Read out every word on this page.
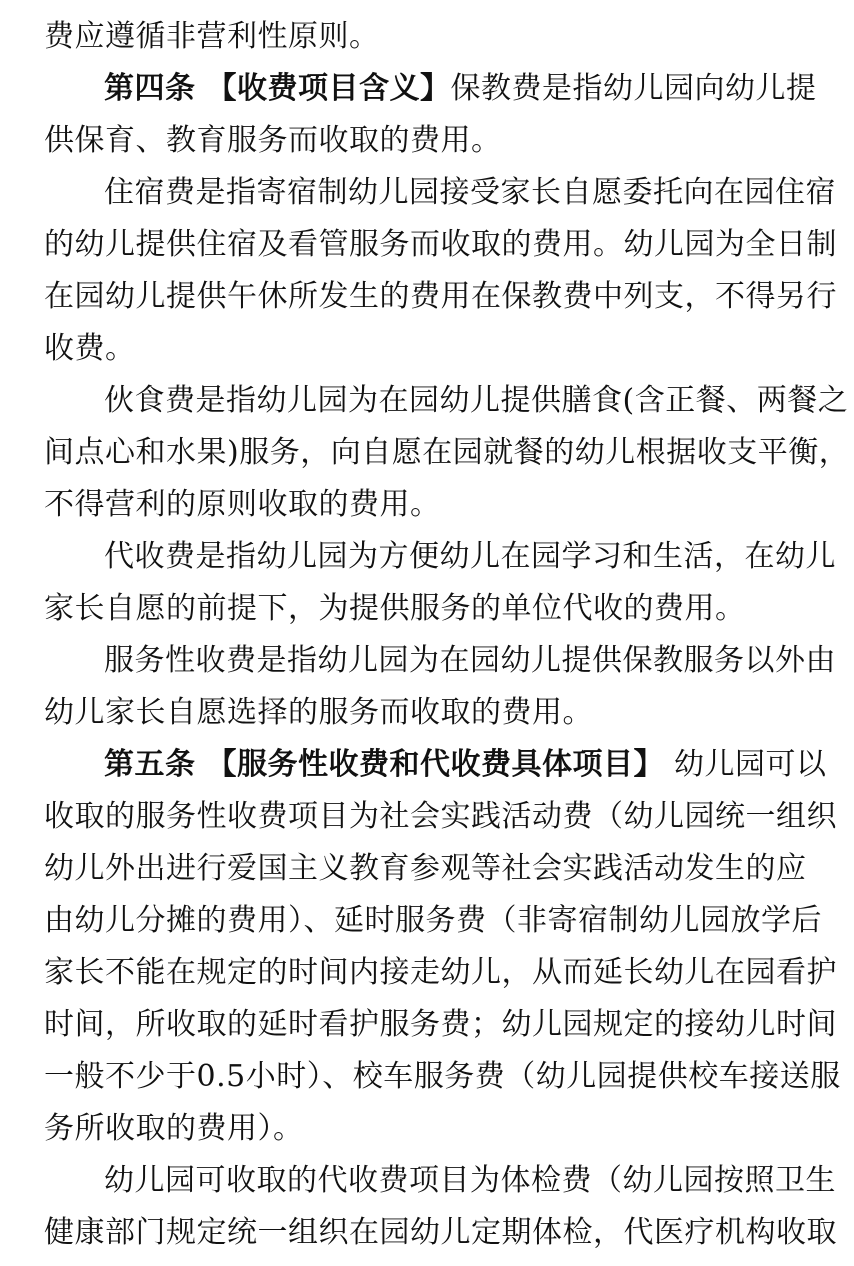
费应遵循非营利性原则。
第四条 【收费项目含义】保教费是指幼儿园向幼儿提
供保育、教育服务而收取的费用。
住宿费是指寄宿制幼儿园接受家长自愿委托向在园住宿
的幼儿提供住宿及看管服务而收取的费用。幼儿园为全日制
在园幼儿提供午休所发生的费用在保教费中列支，不得另行
收费。
伙食费是指幼儿园为在园幼儿提供膳食(含正餐、两餐之
间点心和水果)服务，向自愿在园就餐的幼儿根据收支平衡，
不得营利的原则收取的费用。
代收费是指幼儿园为方便幼儿在园学习和生活，在幼儿
家长自愿的前提下，为提供服务的单位代收的费用。
服务性收费是指幼儿园为在园幼儿提供保教服务以外由
幼儿家长自愿选择的服务而收取的费用。
第五条 【服务性收费和代收费具体项目】 幼儿园可以
收取的服务性收费项目为社会实践活动费（幼儿园统一组织
幼儿外出进行爱国主义教育参观等社会实践活动发生的应
由幼儿分摊的费用）、延时服务费（非寄宿制幼儿园放学后
家长不能在规定的时间内接走幼儿，从而延长幼儿在园看护
时间，所收取的延时看护服务费；幼儿园规定的接幼儿时间
一般不少于0.5小时）、校车服务费（幼儿园提供校车接送服
务所收取的费用）。
幼儿园可收取的代收费项目为体检费（幼儿园按照卫生
健康部门规定统一组织在园幼儿定期体检，代医疗机构收取
